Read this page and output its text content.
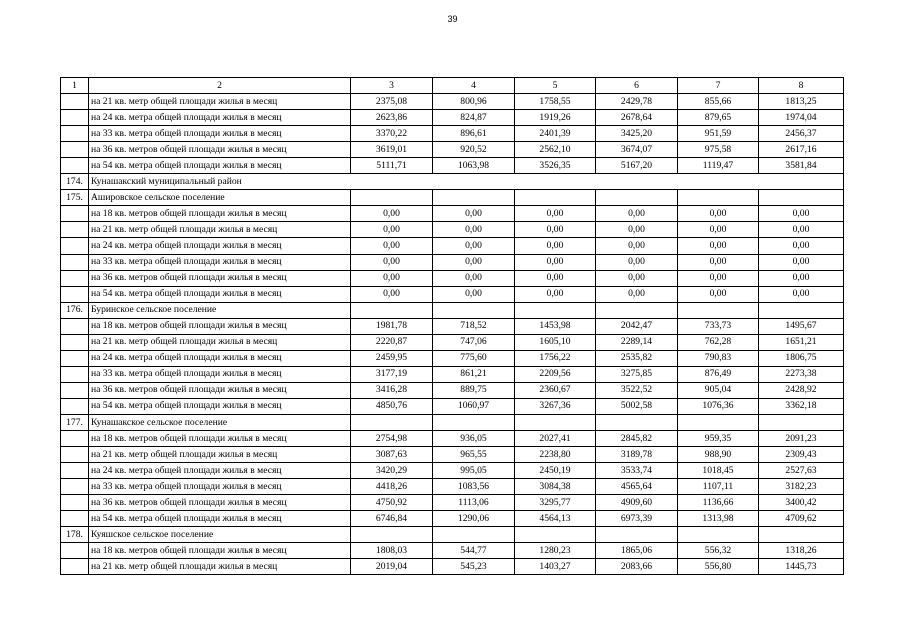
39
1	2	3	4	5	6	7	8
	на 21 кв. метр общей площади жилья в месяц	2375,08	800,96	1758,55	2429,78	855,66	1813,25
	на 24 кв. метра общей площади жилья в месяц	2623,86	824,87	1919,26	2678,64	879,65	1974,04
	на 33 кв. метра общей площади жилья в месяц	3370,22	896,61	2401,39	3425,20	951,59	2456,37
	на 36 кв. метров общей площади жилья в месяц	3619,01	920,52	2562,10	3674,07	975,58	2617,16
	на 54 кв. метра общей площади жилья в месяц	5111,71	1063,98	3526,35	5167,20	1119,47	3581,84
174.	Кунашакский муниципальный район						
175.	Ашировское сельское поселение						
	на 18 кв. метров общей площади жилья в месяц	0,00	0,00	0,00	0,00	0,00	0,00
	на 21 кв. метр общей площади жилья в месяц	0,00	0,00	0,00	0,00	0,00	0,00
	на 24 кв. метра общей площади жилья в месяц	0,00	0,00	0,00	0,00	0,00	0,00
	на 33 кв. метра общей площади жилья в месяц	0,00	0,00	0,00	0,00	0,00	0,00
	на 36 кв. метров общей площади жилья в месяц	0,00	0,00	0,00	0,00	0,00	0,00
	на 54 кв. метра общей площади жилья в месяц	0,00	0,00	0,00	0,00	0,00	0,00
176.	Буринское сельское поселение						
	на 18 кв. метров общей площади жилья в месяц	1981,78	718,52	1453,98	2042,47	733,73	1495,67
	на 21 кв. метр общей площади жилья в месяц	2220,87	747,06	1605,10	2289,14	762,28	1651,21
	на 24 кв. метра общей площади жилья в месяц	2459,95	775,60	1756,22	2535,82	790,83	1806,75
	на 33 кв. метра общей площади жилья в месяц	3177,19	861,21	2209,56	3275,85	876,49	2273,38
	на 36 кв. метров общей площади жилья в месяц	3416,28	889,75	2360,67	3522,52	905,04	2428,92
	на 54 кв. метра общей площади жилья в месяц	4850,76	1060,97	3267,36	5002,58	1076,36	3362,18
177.	Кунашакское сельское поселение						
	на 18 кв. метров общей площади жилья в месяц	2754,98	936,05	2027,41	2845,82	959,35	2091,23
	на 21 кв. метр общей площади жилья в месяц	3087,63	965,55	2238,80	3189,78	988,90	2309,43
	на 24 кв. метра общей площади жилья в месяц	3420,29	995,05	2450,19	3533,74	1018,45	2527,63
	на 33 кв. метра общей площади жилья в месяц	4418,26	1083,56	3084,38	4565,64	1107,11	3182,23
	на 36 кв. метров общей площади жилья в месяц	4750,92	1113,06	3295,77	4909,60	1136,66	3400,42
	на 54 кв. метра общей площади жилья в месяц	6746,84	1290,06	4564,13	6973,39	1313,98	4709,62
178.	Куяшское сельское поселение						
	на 18 кв. метров общей площади жилья в месяц	1808,03	544,77	1280,23	1865,06	556,32	1318,26
	на 21 кв. метр общей площади жилья в месяц	2019,04	545,23	1403,27	2083,66	556,80	1445,73
